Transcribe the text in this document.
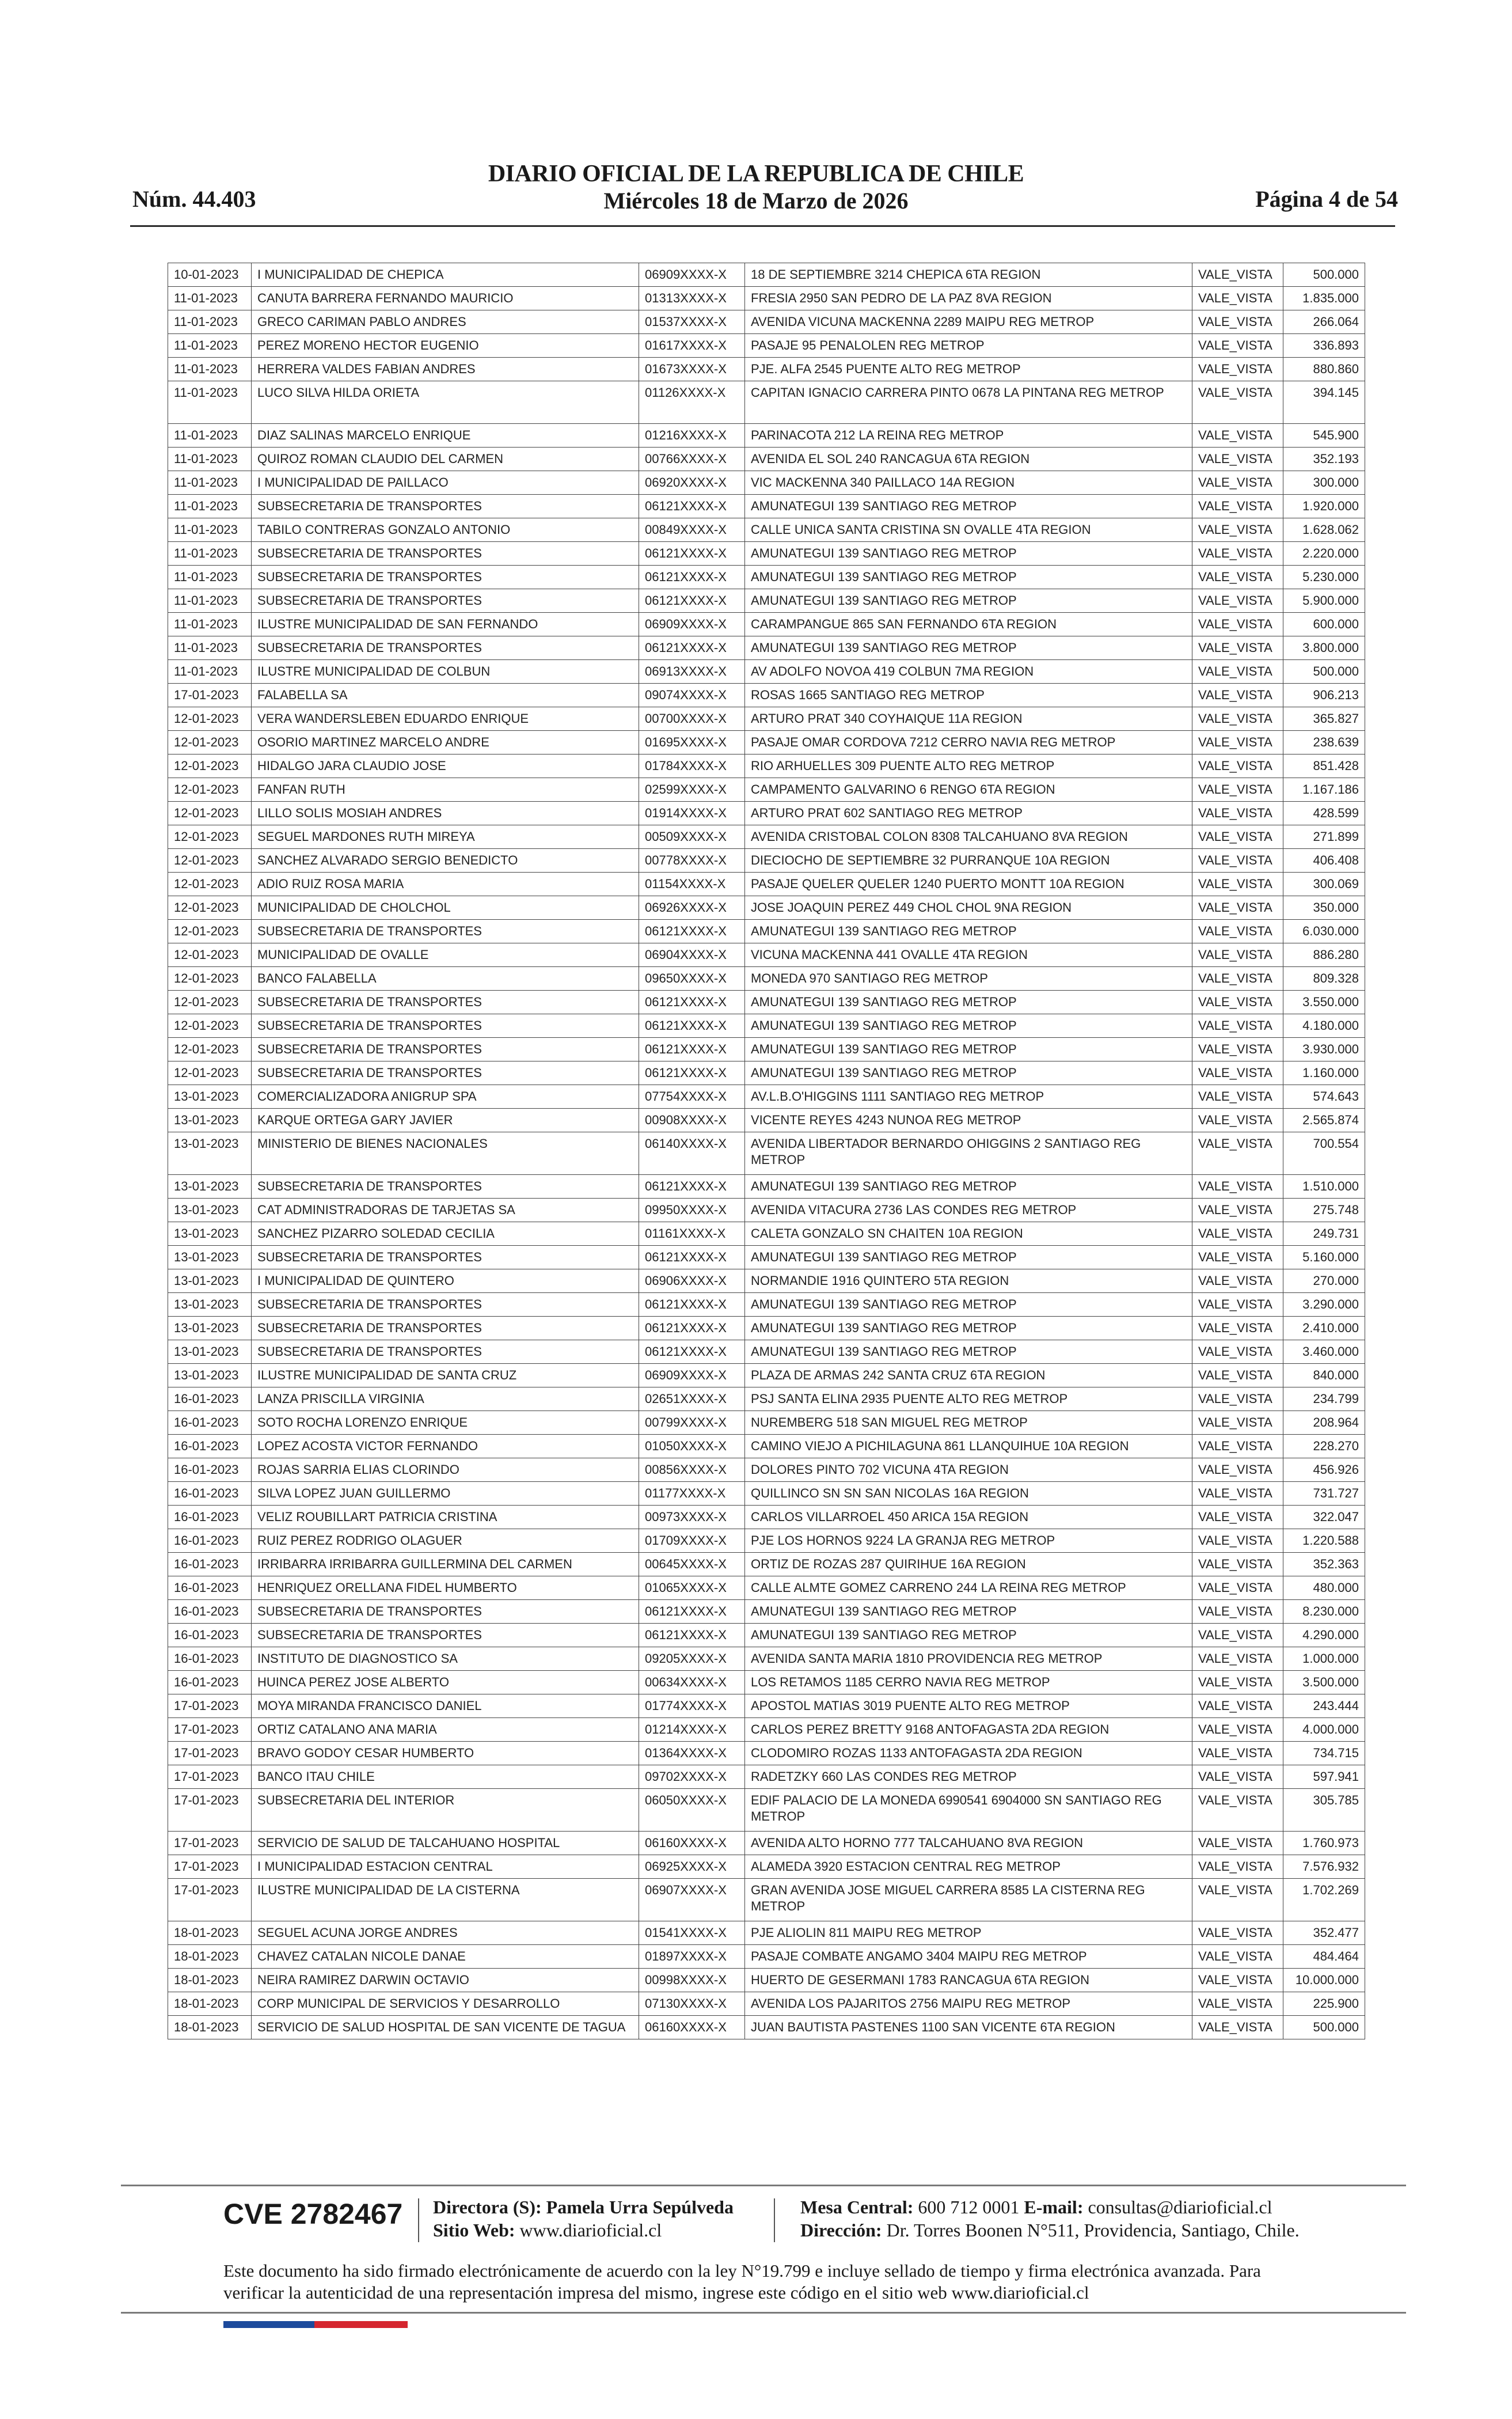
Núm. 44.403
DIARIO OFICIAL DE LA REPUBLICA DE CHILE
Miércoles 18 de Marzo de 2026	Página 4 de 54
10-01-2023	I MUNICIPALIDAD DE CHEPICA	06909XXXX-X	18 DE SEPTIEMBRE 3214 CHEPICA 6TA REGION	VALE_VISTA	500.000
11-01-2023	CANUTA BARRERA FERNANDO MAURICIO	01313XXXX-X	FRESIA 2950 SAN PEDRO DE LA PAZ 8VA REGION	VALE_VISTA	1.835.000
11-01-2023	GRECO CARIMAN PABLO ANDRES	01537XXXX-X	AVENIDA VICUNA MACKENNA 2289 MAIPU REG METROP	VALE_VISTA	266.064
11-01-2023	PEREZ MORENO HECTOR EUGENIO	01617XXXX-X	PASAJE 95 PENALOLEN REG METROP	VALE_VISTA	336.893
11-01-2023	HERRERA VALDES FABIAN ANDRES	01673XXXX-X	PJE. ALFA 2545 PUENTE ALTO REG METROP	VALE_VISTA	880.860
11-01-2023	LUCO SILVA HILDA ORIETA	01126XXXX-X	CAPITAN IGNACIO CARRERA PINTO 0678 LA PINTANA REG METROP	VALE_VISTA	394.145
11-01-2023	DIAZ SALINAS MARCELO ENRIQUE	01216XXXX-X	PARINACOTA 212 LA REINA REG METROP	VALE_VISTA	545.900
11-01-2023	QUIROZ ROMAN CLAUDIO DEL CARMEN	00766XXXX-X	AVENIDA EL SOL 240 RANCAGUA 6TA REGION	VALE_VISTA	352.193
11-01-2023	I MUNICIPALIDAD DE PAILLACO	06920XXXX-X	VIC MACKENNA 340 PAILLACO 14A REGION	VALE_VISTA	300.000
11-01-2023	SUBSECRETARIA DE TRANSPORTES	06121XXXX-X	AMUNATEGUI 139 SANTIAGO REG METROP	VALE_VISTA	1.920.000
11-01-2023	TABILO CONTRERAS GONZALO ANTONIO	00849XXXX-X	CALLE UNICA SANTA CRISTINA SN OVALLE 4TA REGION	VALE_VISTA	1.628.062
11-01-2023	SUBSECRETARIA DE TRANSPORTES	06121XXXX-X	AMUNATEGUI 139 SANTIAGO REG METROP	VALE_VISTA	2.220.000
11-01-2023	SUBSECRETARIA DE TRANSPORTES	06121XXXX-X	AMUNATEGUI 139 SANTIAGO REG METROP	VALE_VISTA	5.230.000
11-01-2023	SUBSECRETARIA DE TRANSPORTES	06121XXXX-X	AMUNATEGUI 139 SANTIAGO REG METROP	VALE_VISTA	5.900.000
11-01-2023	ILUSTRE MUNICIPALIDAD DE SAN FERNANDO	06909XXXX-X	CARAMPANGUE 865 SAN FERNANDO 6TA REGION	VALE_VISTA	600.000
11-01-2023	SUBSECRETARIA DE TRANSPORTES	06121XXXX-X	AMUNATEGUI 139 SANTIAGO REG METROP	VALE_VISTA	3.800.000
11-01-2023	ILUSTRE MUNICIPALIDAD DE COLBUN	06913XXXX-X	AV ADOLFO NOVOA 419 COLBUN 7MA REGION	VALE_VISTA	500.000
17-01-2023	FALABELLA SA	09074XXXX-X	ROSAS 1665 SANTIAGO REG METROP	VALE_VISTA	906.213
12-01-2023	VERA WANDERSLEBEN EDUARDO ENRIQUE	00700XXXX-X	ARTURO PRAT 340 COYHAIQUE 11A REGION	VALE_VISTA	365.827
12-01-2023	OSORIO MARTINEZ MARCELO ANDRE	01695XXXX-X	PASAJE OMAR CORDOVA 7212 CERRO NAVIA REG METROP	VALE_VISTA	238.639
12-01-2023	HIDALGO JARA CLAUDIO JOSE	01784XXXX-X	RIO ARHUELLES 309 PUENTE ALTO REG METROP	VALE_VISTA	851.428
12-01-2023	FANFAN RUTH	02599XXXX-X	CAMPAMENTO GALVARINO 6 RENGO 6TA REGION	VALE_VISTA	1.167.186
12-01-2023	LILLO SOLIS MOSIAH ANDRES	01914XXXX-X	ARTURO PRAT 602 SANTIAGO REG METROP	VALE_VISTA	428.599
12-01-2023	SEGUEL MARDONES RUTH MIREYA	00509XXXX-X	AVENIDA CRISTOBAL COLON 8308 TALCAHUANO 8VA REGION	VALE_VISTA	271.899
12-01-2023	SANCHEZ ALVARADO SERGIO BENEDICTO	00778XXXX-X	DIECIOCHO DE SEPTIEMBRE 32 PURRANQUE 10A REGION	VALE_VISTA	406.408
12-01-2023	ADIO RUIZ ROSA MARIA	01154XXXX-X	PASAJE QUELER QUELER 1240 PUERTO MONTT 10A REGION	VALE_VISTA	300.069
12-01-2023	MUNICIPALIDAD DE CHOLCHOL	06926XXXX-X	JOSE JOAQUIN PEREZ 449 CHOL CHOL 9NA REGION	VALE_VISTA	350.000
12-01-2023	SUBSECRETARIA DE TRANSPORTES	06121XXXX-X	AMUNATEGUI 139 SANTIAGO REG METROP	VALE_VISTA	6.030.000
12-01-2023	MUNICIPALIDAD DE OVALLE	06904XXXX-X	VICUNA MACKENNA 441 OVALLE 4TA REGION	VALE_VISTA	886.280
12-01-2023	BANCO FALABELLA	09650XXXX-X	MONEDA 970 SANTIAGO REG METROP	VALE_VISTA	809.328
12-01-2023	SUBSECRETARIA DE TRANSPORTES	06121XXXX-X	AMUNATEGUI 139 SANTIAGO REG METROP	VALE_VISTA	3.550.000
12-01-2023	SUBSECRETARIA DE TRANSPORTES	06121XXXX-X	AMUNATEGUI 139 SANTIAGO REG METROP	VALE_VISTA	4.180.000
12-01-2023	SUBSECRETARIA DE TRANSPORTES	06121XXXX-X	AMUNATEGUI 139 SANTIAGO REG METROP	VALE_VISTA	3.930.000
12-01-2023	SUBSECRETARIA DE TRANSPORTES	06121XXXX-X	AMUNATEGUI 139 SANTIAGO REG METROP	VALE_VISTA	1.160.000
13-01-2023	COMERCIALIZADORA ANIGRUP SPA	07754XXXX-X	AV.L.B.O'HIGGINS 1111 SANTIAGO REG METROP	VALE_VISTA	574.643
13-01-2023	KARQUE ORTEGA GARY JAVIER	00908XXXX-X	VICENTE REYES 4243 NUNOA REG METROP	VALE_VISTA	2.565.874
13-01-2023	MINISTERIO DE BIENES NACIONALES	06140XXXX-X	AVENIDA LIBERTADOR BERNARDO OHIGGINS 2 SANTIAGO REG METROP	VALE_VISTA	700.554
13-01-2023	SUBSECRETARIA DE TRANSPORTES	06121XXXX-X	AMUNATEGUI 139 SANTIAGO REG METROP	VALE_VISTA	1.510.000
13-01-2023	CAT ADMINISTRADORAS DE TARJETAS SA	09950XXXX-X	AVENIDA VITACURA 2736 LAS CONDES REG METROP	VALE_VISTA	275.748
13-01-2023	SANCHEZ PIZARRO SOLEDAD CECILIA	01161XXXX-X	CALETA GONZALO SN CHAITEN 10A REGION	VALE_VISTA	249.731
13-01-2023	SUBSECRETARIA DE TRANSPORTES	06121XXXX-X	AMUNATEGUI 139 SANTIAGO REG METROP	VALE_VISTA	5.160.000
13-01-2023	I MUNICIPALIDAD DE QUINTERO	06906XXXX-X	NORMANDIE 1916 QUINTERO 5TA REGION	VALE_VISTA	270.000
13-01-2023	SUBSECRETARIA DE TRANSPORTES	06121XXXX-X	AMUNATEGUI 139 SANTIAGO REG METROP	VALE_VISTA	3.290.000
13-01-2023	SUBSECRETARIA DE TRANSPORTES	06121XXXX-X	AMUNATEGUI 139 SANTIAGO REG METROP	VALE_VISTA	2.410.000
13-01-2023	SUBSECRETARIA DE TRANSPORTES	06121XXXX-X	AMUNATEGUI 139 SANTIAGO REG METROP	VALE_VISTA	3.460.000
13-01-2023	ILUSTRE MUNICIPALIDAD DE SANTA CRUZ	06909XXXX-X	PLAZA DE ARMAS 242 SANTA CRUZ 6TA REGION	VALE_VISTA	840.000
16-01-2023	LANZA PRISCILLA VIRGINIA	02651XXXX-X	PSJ SANTA ELINA 2935 PUENTE ALTO REG METROP	VALE_VISTA	234.799
16-01-2023	SOTO ROCHA LORENZO ENRIQUE	00799XXXX-X	NUREMBERG 518 SAN MIGUEL REG METROP	VALE_VISTA	208.964
16-01-2023	LOPEZ ACOSTA VICTOR FERNANDO	01050XXXX-X	CAMINO VIEJO A PICHILAGUNA 861 LLANQUIHUE 10A REGION	VALE_VISTA	228.270
16-01-2023	ROJAS SARRIA ELIAS CLORINDO	00856XXXX-X	DOLORES PINTO 702 VICUNA 4TA REGION	VALE_VISTA	456.926
16-01-2023	SILVA LOPEZ JUAN GUILLERMO	01177XXXX-X	QUILLINCO SN SN SAN NICOLAS 16A REGION	VALE_VISTA	731.727
16-01-2023	VELIZ ROUBILLART PATRICIA CRISTINA	00973XXXX-X	CARLOS VILLARROEL 450 ARICA 15A REGION	VALE_VISTA	322.047
16-01-2023	RUIZ PEREZ RODRIGO OLAGUER	01709XXXX-X	PJE LOS HORNOS 9224 LA GRANJA REG METROP	VALE_VISTA	1.220.588
16-01-2023	IRRIBARRA IRRIBARRA GUILLERMINA DEL CARMEN	00645XXXX-X	ORTIZ DE ROZAS 287 QUIRIHUE 16A REGION	VALE_VISTA	352.363
16-01-2023	HENRIQUEZ ORELLANA FIDEL HUMBERTO	01065XXXX-X	CALLE ALMTE GOMEZ CARRENO 244 LA REINA REG METROP	VALE_VISTA	480.000
16-01-2023	SUBSECRETARIA DE TRANSPORTES	06121XXXX-X	AMUNATEGUI 139 SANTIAGO REG METROP	VALE_VISTA	8.230.000
16-01-2023	SUBSECRETARIA DE TRANSPORTES	06121XXXX-X	AMUNATEGUI 139 SANTIAGO REG METROP	VALE_VISTA	4.290.000
16-01-2023	INSTITUTO DE DIAGNOSTICO SA	09205XXXX-X	AVENIDA SANTA MARIA 1810 PROVIDENCIA REG METROP	VALE_VISTA	1.000.000
16-01-2023	HUINCA PEREZ JOSE ALBERTO	00634XXXX-X	LOS RETAMOS 1185 CERRO NAVIA REG METROP	VALE_VISTA	3.500.000
17-01-2023	MOYA MIRANDA FRANCISCO DANIEL	01774XXXX-X	APOSTOL MATIAS 3019 PUENTE ALTO REG METROP	VALE_VISTA	243.444
17-01-2023	ORTIZ CATALANO ANA MARIA	01214XXXX-X	CARLOS PEREZ BRETTY 9168 ANTOFAGASTA 2DA REGION	VALE_VISTA	4.000.000
17-01-2023	BRAVO GODOY CESAR HUMBERTO	01364XXXX-X	CLODOMIRO ROZAS 1133 ANTOFAGASTA 2DA REGION	VALE_VISTA	734.715
17-01-2023	BANCO ITAU CHILE	09702XXXX-X	RADETZKY 660 LAS CONDES REG METROP	VALE_VISTA	597.941
17-01-2023	SUBSECRETARIA DEL INTERIOR	06050XXXX-X	EDIF PALACIO DE LA MONEDA 6990541 6904000 SN SANTIAGO REG METROP	VALE_VISTA	305.785
17-01-2023	SERVICIO DE SALUD DE TALCAHUANO HOSPITAL	06160XXXX-X	AVENIDA ALTO HORNO 777 TALCAHUANO 8VA REGION	VALE_VISTA	1.760.973
17-01-2023	I MUNICIPALIDAD ESTACION CENTRAL	06925XXXX-X	ALAMEDA 3920 ESTACION CENTRAL REG METROP	VALE_VISTA	7.576.932
17-01-2023	ILUSTRE MUNICIPALIDAD DE LA CISTERNA	06907XXXX-X	GRAN AVENIDA JOSE MIGUEL CARRERA 8585 LA CISTERNA REG METROP	VALE_VISTA	1.702.269
18-01-2023	SEGUEL ACUNA JORGE ANDRES	01541XXXX-X	PJE ALIOLIN 811 MAIPU REG METROP	VALE_VISTA	352.477
18-01-2023	CHAVEZ CATALAN NICOLE DANAE	01897XXXX-X	PASAJE COMBATE ANGAMO 3404 MAIPU REG METROP	VALE_VISTA	484.464
18-01-2023	NEIRA RAMIREZ DARWIN OCTAVIO	00998XXXX-X	HUERTO DE GESERMANI 1783 RANCAGUA 6TA REGION	VALE_VISTA	10.000.000
18-01-2023	CORP MUNICIPAL DE SERVICIOS Y DESARROLLO	07130XXXX-X	AVENIDA LOS PAJARITOS 2756 MAIPU REG METROP	VALE_VISTA	225.900
18-01-2023	SERVICIO DE SALUD HOSPITAL DE SAN VICENTE DE TAGUA	06160XXXX-X	JUAN BAUTISTA PASTENES 1100 SAN VICENTE 6TA REGION	VALE_VISTA	500.000
CVE 2782467 Directora (S): Pamela Urra Sepúlveda
Sitio Web: www.diarioficial.cl
Mesa Central: 600 712 0001 E-mail: consultas@diarioficial.cl
Dirección: Dr. Torres Boonen N°511, Providencia, Santiago, Chile.
Este documento ha sido firmado electrónicamente de acuerdo con la ley N°19.799 e incluye sellado de tiempo y firma electrónica avanzada. Para verificar la autenticidad de una representación impresa del mismo, ingrese este código en el sitio web www.diarioficial.cl
